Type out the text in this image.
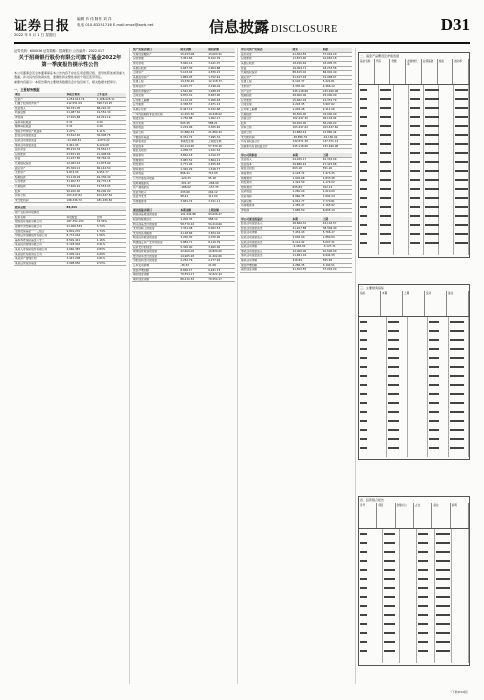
证券日报 编辑 肖 伟 制作 刘 洋
电话 010-83251716 E-mail:zmzx@zqrb.net
2022 年 5 月 1 日 星期日	信息披露 DISCLOSURE	D31
证券代码：600036 证券简称：招商银行 公告编号：2022-017
关于招商银行股份有限公司旗下基金2022年第一季度报告提示性公告
本公司董事会及全体董事保证本公告内容不存在任何虚假记载、误导性陈述或者重大遗漏，并对其内容的真实性、准确性和完整性承担个别及连带责任。
重要内容提示：本报告期内主要财务数据及会计信息如下，相关数据未经审计。
一、主要财务数据
项目	本报告期末	上年度末
总资产	1,253,613.74	1,108,425.11
归属于股东的净资产	412,551.09	398,713.25
营业收入	96,331.05	88,210.47
利润总额	21,087.62	19,552.30
净利润	17,405.88	16,241.19
基本每股收益	0.31	0.29
稀释每股收益	0.31	0.29
加权平均净资产收益率	4.27%	4.11%
经营活动现金流量	33,612.40	30,908.76
投资活动现金流量	-12,008.51	-9,873.22
筹资活动现金流量	5,441.93	6,120.08
货币资金	88,210.34	79,554.17
应收账款	23,551.20	21,908.66
存货	41,227.85	38,764.31
长期股权投资	12,063.44	11,873.09
固定资产	65,309.12	66,142.50
无形资产	9,874.03	9,951.77
短期借款	54,118.26	49,336.40
应付账款	31,902.57	29,770.18
长期借款	77,406.91	72,553.03
股本	56,200.00	56,200.00
资本公积	103,447.62	103,447.62
未分配利润	198,336.70	181,930.82
股东总数	84,213	
前十名股东持股情况		
股东名称	持股数量	比例
控股股东集团有限公司	187,352,104	33.34%
香港中央结算有限公司	21,006,533	3.74%
全国社保基金一一三组合	9,801,270	1.74%
中国证券金融股份有限公司	8,774,016	1.56%
基本养老保险基金八零二	6,520,441	1.16%
某某投资管理有限公司	5,118,902	0.91%
某某人寿保险股份有限公司	4,660,387	0.83%
某某信托有限责任公司	3,905,112	0.69%
某某资产管理计划	3,447,208	0.61%
某某证券投资基金	2,998,650	0.53%
资产负债表项目	期末余额	期初余额
交易性金融资产	15,223.08	13,004.51
应收票据	7,451.66	8,102.39
预付款项	3,920.14	3,441.07
其他应收款	2,667.30	2,904.88
合同资产	5,103.92	4,876.15
其他流动资产	1,884.45	1,702.61
在建工程	14,336.20	12,118.73
使用权资产	2,015.77	2,198.04
递延所得税资产	1,542.60	1,488.25
合同负债	9,870.41	8,653.90
应付职工薪酬	4,112.03	5,006.48
应交税费	2,338.57	2,971.12
其他应付款	6,447.19	6,102.66
一年内到期的非流动负债	11,205.30	10,448.02
租赁负债	1,730.88	1,902.17
预计负债	603.45	588.21
递延收益	2,219.06	2,305.40
盈余公积	21,880.44	21,880.44
少数股东权益	8,331.72	7,995.31
利润表项目	本期发生额	上期发生额
营业成本	62,114.90	57,330.26
税金及附加	1,208.37	1,101.54
销售费用	4,662.18	4,319.07
管理费用	3,987.52	3,804.11
研发费用	2,771.06	2,455.83
财务费用	1,340.29	1,518.77
投资收益	866.41	712.05
公允价值变动收益	-120.33	95.18
信用减值损失	-301.47	-266.90
资产减值损失	-188.02	-157.35
营业外收入	233.60	204.12
营业外支出	98.41	111.09
所得税费用	3,681.74	3,311.11
现金流量表项目	本期金额	上期金额
销售商品收到的现金	101,442.88	93,006.27
收到的税费返还	1,206.35	988.14
购买商品支付的现金	58,770.12	54,219.60
支付给职工的现金	7,331.08	6,902.53
支付的各项税费	4,118.66	3,874.02
收回投资收到的现金	3,200.00	2,150.00
购建固定资产支付的现金	9,884.71	8,116.39
投资支付的现金	5,320.00	3,900.00
取得借款收到的现金	22,600.00	19,800.00
偿还债务支付的现金	14,905.28	11,402.66
分配股利支付的现金	2,252.79	2,277.26
汇率变动影响	-36.52	21.08
现金净增加额	8,656.17	6,931.73
期初现金余额	79,554.17	72,622.44
期末现金余额	88,210.34	79,554.17
母公司资产负债表	期末	期初
货币资金	41,302.55	37,016.20
应收账款	11,874.90	10,663.18
其他应收款	18,220.46	16,905.33
存货	19,004.71	18,233.56
长期股权投资	88,615.02	86,902.40
固定资产	31,447.18	31,998.07
在建工程	6,102.37	5,224.81
无形资产	4,330.90	4,366.12
资产总计	245,118.66	233,490.08
短期借款	28,000.00	25,000.00
应付账款	15,662.04	14,331.79
合同负债	4,218.35	3,907.62
应付职工薪酬	1,902.48	2,411.06
长期借款	36,500.00	34,000.00
负债合计	102,447.30	96,118.94
股本	56,200.00	56,200.00
资本公积	103,447.62	103,447.62
盈余公积	21,880.44	21,880.44
未分配利润	-38,856.70	-44,156.92
所有者权益合计	142,671.36	137,371.14
负债和所有者权益总计	245,118.66	233,490.08
母公司利润表	本期	上期
营业收入	44,205.17	40,332.09
营业成本	29,880.42	27,415.66
税金及附加	603.18	551.20
销售费用	2,118.74	1,973.35
管理费用	1,904.06	1,833.48
研发费用	1,322.59	1,174.02
财务费用	655.83	702.14
投资收益	1,240.00	1,010.00
营业利润	8,960.35	7,692.24
利润总额	9,041.77	7,770.81
所得税费用	1,356.27	1,165.62
净利润	7,685.50	6,605.19
母公司现金流量表	本期	上期
经营活动现金流入	48,660.31	44,102.57
经营活动现金流出	41,207.88	38,336.40
经营活动净额	7,452.43	5,766.17
投资活动现金流入	2,630.00	1,880.00
投资活动现金流出	6,114.92	5,007.31
投资活动净额	-3,484.92	-3,127.31
筹资活动现金流入	12,000.00	10,500.00
筹资活动现金流出	11,681.16	9,944.35
筹资活动净额	318.84	555.65
现金净增加额	4,286.35	3,194.51
期末现金余额	41,302.55	37,016.20
二、基金产品概况及净值表现
基金名称	代码	份额	净值增长率
业绩基准	差值	波动率
三、主要财务指标
指标	本期	上期	变动	备注
四、投资组合报告
序号	项目	金额(元)	占比	备注	说明
（下转D32版）
